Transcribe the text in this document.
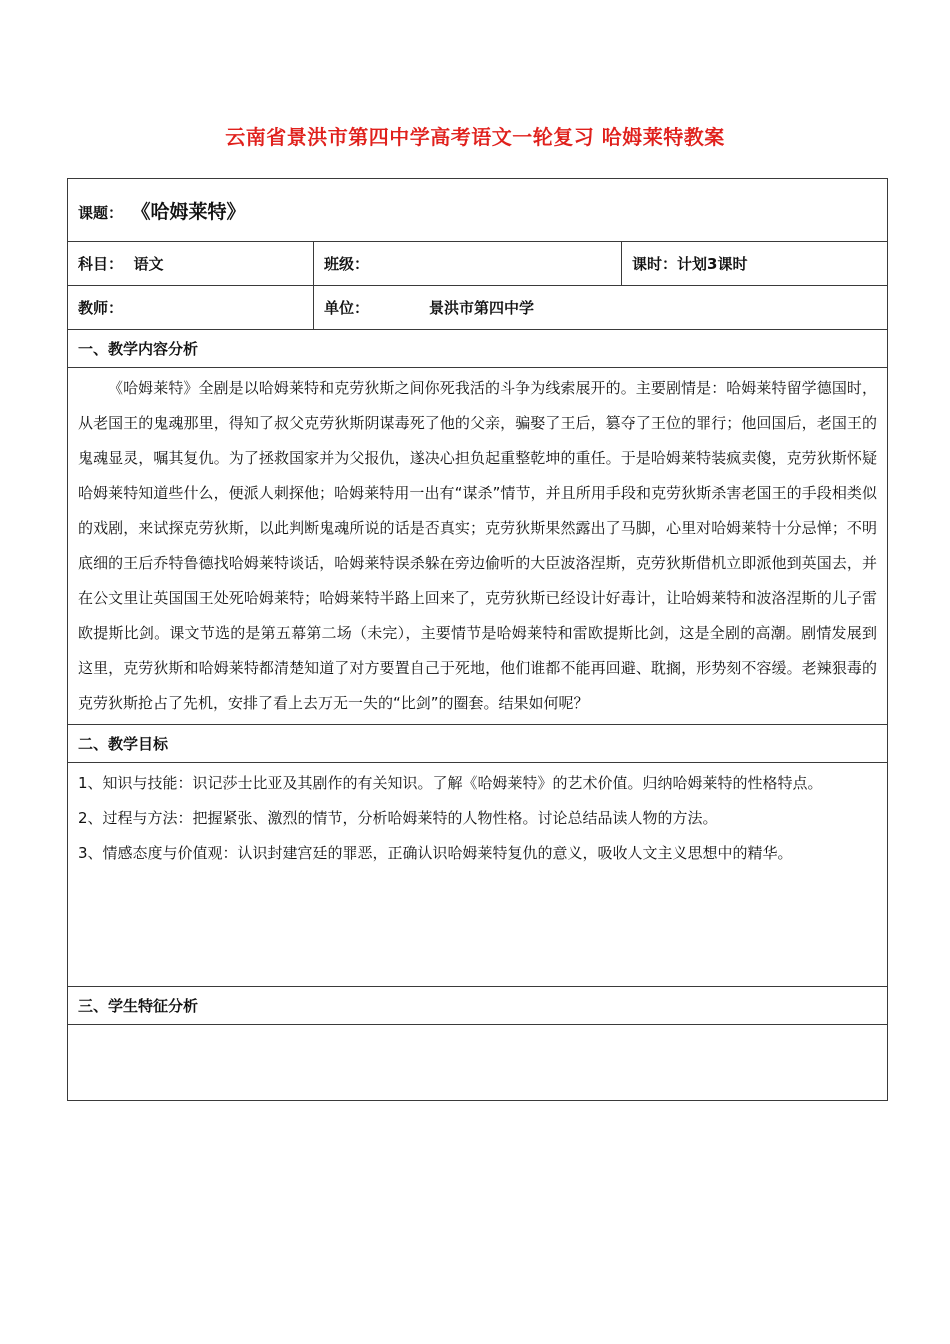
云南省景洪市第四中学高考语文一轮复习 哈姆莱特教案
课题： 《哈姆莱特》		
科目： 语文	班级：	课时：计划3课时
教师：	单位： 景洪市第四中学	
一、教学内容分析		

《哈姆莱特》全剧是以哈姆莱特和克劳狄斯之间你死我活的斗争为线索展开的。主要剧情是：哈姆莱特留学德国时，从老国王的鬼魂那里，得知了叔父克劳狄斯阴谋毒死了他的父亲，骗娶了王后，篡夺了王位的罪行；他回国后，老国王的鬼魂显灵，嘱其复仇。为了拯救国家并为父报仇，遂决心担负起重整乾坤的重任。于是哈姆莱特装疯卖傻，克劳狄斯怀疑哈姆莱特知道些什么，便派人刺探他；哈姆莱特用一出有“谋杀”情节，并且所用手段和克劳狄斯杀害老国王的手段相类似的戏剧，来试探克劳狄斯，以此判断鬼魂所说的话是否真实；克劳狄斯果然露出了马脚，心里对哈姆莱特十分忌惮；不明底细的王后乔特鲁德找哈姆莱特谈话，哈姆莱特误杀躲在旁边偷听的大臣波洛涅斯，克劳狄斯借机立即派他到英国去，并在公文里让英国国王处死哈姆莱特；哈姆莱特半路上回来了，克劳狄斯已经设计好毒计，让哈姆莱特和波洛涅斯的儿子雷欧提斯比剑。课文节选的是第五幕第二场（未完），主要情节是哈姆莱特和雷欧提斯比剑，这是全剧的高潮。剧情发展到这里，克劳狄斯和哈姆莱特都清楚知道了对方要置自己于死地，他们谁都不能再回避、耽搁，形势刻不容缓。老辣狠毒的克劳狄斯抢占了先机，安排了看上去万无一失的“比剑”的圈套。结果如何呢？		

二、教学目标		

1、知识与技能：识记莎士比亚及其剧作的有关知识。了解《哈姆莱特》的艺术价值。归纳哈姆莱特的性格特点。

2、过程与方法：把握紧张、激烈的情节，分析哈姆莱特的人物性格。讨论总结品读人物的方法。

3、情感态度与价值观：认识封建宫廷的罪恶，正确认识哈姆莱特复仇的意义，吸收人文主义思想中的精华。		

三、学生特征分析		
